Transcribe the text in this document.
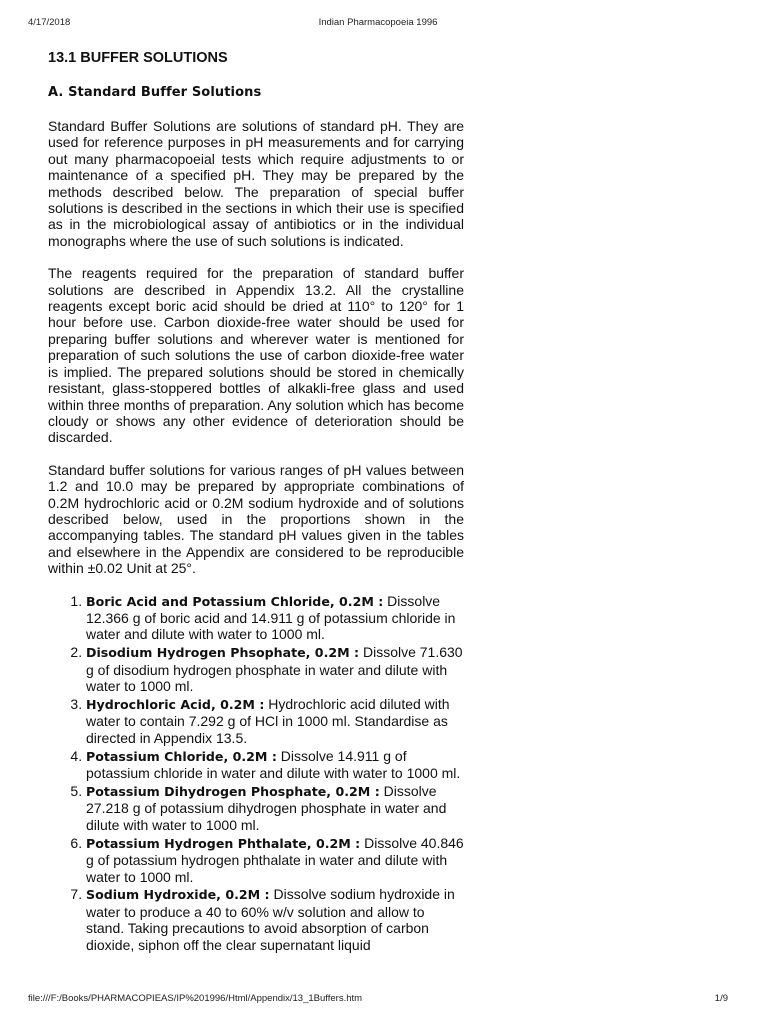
4/17/2018	Indian Pharmacopoeia 1996
13.1 BUFFER SOLUTIONS
A. Standard Buffer Solutions

Standard Buffer Solutions are solutions of standard pH. They are used for reference purposes in pH measurements and for carrying out many pharmacopoeial tests which require adjustments to or maintenance of a specified pH. They may be prepared by the methods described below. The preparation of special buffer solutions is described in the sections in which their use is specified as in the microbiological assay of antibiotics or in the individual monographs where the use of such solutions is indicated.

The reagents required for the preparation of standard buffer solutions are described in Appendix 13.2. All the crystalline reagents except boric acid should be dried at 110° to 120° for 1 hour before use. Carbon dioxide-free water should be used for preparing buffer solutions and wherever water is mentioned for preparation of such solutions the use of carbon dioxide-free water is implied. The prepared solutions should be stored in chemically resistant, glass-stoppered bottles of alkakli-free glass and used within three months of preparation. Any solution which has become cloudy or shows any other evidence of deterioration should be discarded.

Standard buffer solutions for various ranges of pH values between 1.2 and 10.0 may be prepared by appropriate combinations of 0.2M hydrochloric acid or 0.2M sodium hydroxide and of solutions described below, used in the proportions shown in the accompanying tables. The standard pH values given in the tables and elsewhere in the Appendix are considered to be reproducible within ±0.02 Unit at 25°.

1. Boric Acid and Potassium Chloride, 0.2M : Dissolve 12.366 g of boric acid and 14.911 g of potassium chloride in water and dilute with water to 1000 ml.
2. Disodium Hydrogen Phsophate, 0.2M : Dissolve 71.630 g of disodium hydrogen phosphate in water and dilute with water to 1000 ml.
3. Hydrochloric Acid, 0.2M : Hydrochloric acid diluted with water to contain 7.292 g of HCl in 1000 ml. Standardise as directed in Appendix 13.5.
4. Potassium Chloride, 0.2M : Dissolve 14.911 g of potassium chloride in water and dilute with water to 1000 ml.
5. Potassium Dihydrogen Phosphate, 0.2M : Dissolve 27.218 g of potassium dihydrogen phosphate in water and dilute with water to 1000 ml.
6. Potassium Hydrogen Phthalate, 0.2M : Dissolve 40.846 g of potassium hydrogen phthalate in water and dilute with water to 1000 ml.
7. Sodium Hydroxide, 0.2M : Dissolve sodium hydroxide in water to produce a 40 to 60% w/v solution and allow to stand. Taking precautions to avoid absorption of carbon dioxide, siphon off the clear supernatant liquid
file:///F:/Books/PHARMACOPIEAS/IP%201996/Html/Appendix/13_1Buffers.htm	1/9
